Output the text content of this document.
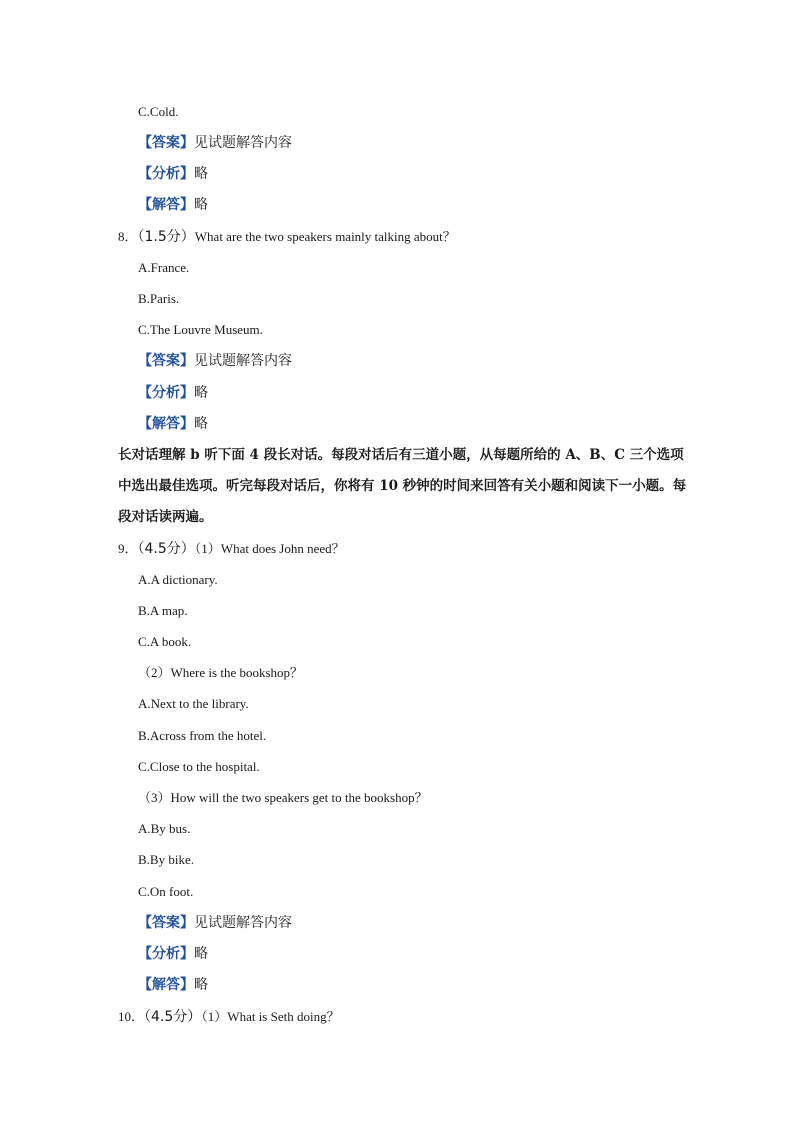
C.Cold.
【答案】见试题解答内容
【分析】略
【解答】略
8．（1.5分）What are the two speakers mainly talking about？
A.France.
B.Paris.
C.The Louvre Museum.
【答案】见试题解答内容
【分析】略
【解答】略
长对话理解 b 听下面 4 段长对话。每段对话后有三道小题，从每题所给的 A、B、C 三个选项中选出最佳选项。听完每段对话后，你将有 10 秒钟的时间来回答有关小题和阅读下一小题。每段对话读两遍。
9．（4.5分）（1）What does John need？
A.A dictionary.
B.A map.
C.A book.
（2）Where is the bookshop？
A.Next to the library.
B.Across from the hotel.
C.Close to the hospital.
（3）How will the two speakers get to the bookshop？
A.By bus.
B.By bike.
C.On foot.
【答案】见试题解答内容
【分析】略
【解答】略
10．（4.5分）（1）What is Seth doing？
